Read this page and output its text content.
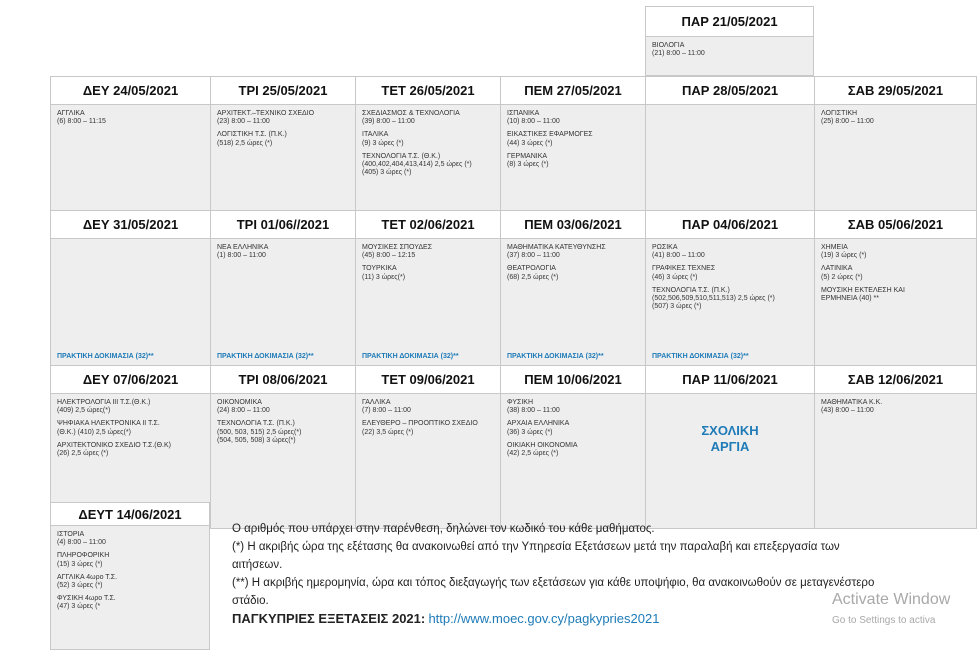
ΠΑΡ 21/05/2021
ΒΙΟΛΟΓΙΑ
(21) 8:00 – 11:00
ΔΕΥ 24/05/2021
ΑΓΓΛΙΚΑ
(6) 8:00 – 11:15
ΤΡΙ 25/05/2021
ΑΡΧΙΤΕΚΤ.–ΤΕΧΝΙΚΟ ΣΧΕΔΙΟ
(23) 8:00 – 11:00
ΛΟΓΙΣΤΙΚΗ Τ.Σ. (Π.Κ.)
(518) 2,5 ώρες (*)
ΤΕΤ 26/05/2021
ΣΧΕΔΙΑΣΜΟΣ & ΤΕΧΝΟΛΟΓΙΑ
(39) 8:00 – 11:00
ΙΤΑΛΙΚΑ
(9) 3 ώρες (*)
ΤΕΧΝΟΛΟΓΙΑ Τ.Σ. (Θ.Κ.)
(400,402,404,413,414) 2,5 ώρες (*)
(405) 3 ώρες (*)
ΠΕΜ 27/05/2021
ΙΣΠΑΝΙΚΑ
(10) 8:00 – 11:00
ΕΙΚΑΣΤΙΚΕΣ ΕΦΑΡΜΟΓΕΣ
(44) 3 ώρες (*)
ΓΕΡΜΑΝΙΚΑ
(8) 3 ώρες (*)
ΠΑΡ 28/05/2021	ΣΑΒ 29/05/2021
ΛΟΓΙΣΤΙΚΗ
(25) 8:00 – 11:00
ΔΕΥ 31/05/2021
ΠΡΑΚΤΙΚΗ ΔΟΚΙΜΑΣΙΑ (32)**
ΤΡΙ 01/06//2021
ΝΕΑ ΕΛΛΗΝΙΚΑ
(1) 8:00 – 11:00
ΠΡΑΚΤΙΚΗ ΔΟΚΙΜΑΣΙΑ (32)**
ΤΕΤ 02/06/2021
ΜΟΥΣΙΚΕΣ ΣΠΟΥΔΕΣ
(45) 8:00 – 12:15
ΤΟΥΡΚΙΚΑ
(11) 3 ώρες(*)
ΠΡΑΚΤΙΚΗ ΔΟΚΙΜΑΣΙΑ (32)**
ΠΕΜ 03/06/2021
ΜΑΘΗΜΑΤΙΚΑ ΚΑΤΕΥΘΥΝΣΗΣ
(37) 8:00 – 11:00
ΘΕΑΤΡΟΛΟΓΙΑ
(68) 2,5 ώρες (*)
ΠΡΑΚΤΙΚΗ ΔΟΚΙΜΑΣΙΑ (32)**
ΠΑΡ 04/06/2021
ΡΩΣΙΚΑ
(41) 8:00 – 11:00
ΓΡΑΦΙΚΕΣ ΤΕΧΝΕΣ
(46) 3 ώρες (*)
ΤΕΧΝΟΛΟΓΙΑ Τ.Σ. (Π.Κ.)
(502,506,509,510,511,513) 2,5 ώρες (*)
(507) 3 ώρες (*)
ΠΡΑΚΤΙΚΗ ΔΟΚΙΜΑΣΙΑ (32)**
ΣΑΒ 05/06/2021
ΧΗΜΕΙΑ
(19) 3 ώρες (*)
ΛΑΤΙΝΙΚΑ
(5) 2 ώρες (*)
ΜΟΥΣΙΚΗ ΕΚΤΕΛΕΣΗ ΚΑΙ
ΕΡΜΗΝΕΙΑ (40) **
ΔΕΥ 07/06/2021
ΗΛΕΚΤΡΟΛΟΓΙΑ ΙΙΙ Τ.Σ.(Θ.Κ.)
(409) 2,5 ώρες(*)
ΨΗΦΙΑΚΑ ΗΛΕΚΤΡΟΝΙΚΑ ΙΙ Τ.Σ.
(Θ.Κ.) (410) 2,5 ώρες(*)
ΑΡΧΙΤΕΚΤΟΝΙΚΟ ΣΧΕΔΙΟ Τ.Σ.(Θ.Κ)
(26) 2,5 ώρες (*)
ΤΡΙ 08/06/2021
ΟΙΚΟΝΟΜΙΚΑ
(24) 8:00 – 11:00
ΤΕΧΝΟΛΟΓΙΑ Τ.Σ. (Π.Κ.)
(500, 503, 515) 2,5 ώρες(*)
(504, 505, 508) 3 ώρες(*)
ΤΕΤ 09/06/2021
ΓΑΛΛΙΚΑ
(7) 8:00 – 11:00
ΕΛΕΥΘΕΡΟ – ΠΡΟΟΠΤΙΚΟ ΣΧΕΔΙΟ
(22) 3,5 ώρες (*)
ΠΕΜ 10/06/2021
ΦΥΣΙΚΗ
(38) 8:00 – 11:00
ΑΡΧΑΙΑ ΕΛΛΗΝΙΚΑ
(36) 3 ώρες (*)
ΟΙΚΙΑΚΗ ΟΙΚΟΝΟΜΙΑ
(42) 2,5 ώρες (*)
ΠΑΡ 11/06/2021
ΣΧΟΛΙΚΗ
ΑΡΓΙΑ
ΣΑΒ 12/06/2021
ΜΑΘΗΜΑΤΙΚΑ Κ.Κ.
(43) 8:00 – 11:00
ΔΕΥΤ 14/06/2021
ΙΣΤΟΡΙΑ
(4) 8:00 – 11:00
ΠΛΗΡΟΦΟΡΙΚΗ
(15) 3 ώρες (*)
ΑΓΓΛΙΚΑ 4ωρο Τ.Σ.
(52) 3 ώρες (*)
ΦΥΣΙΚΗ 4ωρο Τ.Σ.
(47) 3 ώρες (*
Ο αριθμός που υπάρχει στην παρένθεση, δηλώνει τον κωδικό του κάθε μαθήματος.
(*) Η ακριβής ώρα της εξέτασης θα ανακοινωθεί από την Υπηρεσία Εξετάσεων μετά την παραλαβή και επεξεργασία των
αιτήσεων.
(**) Η ακριβής ημερομηνία, ώρα και τόπος διεξαγωγής των εξετάσεων για κάθε υποψήφιο, θα ανακοινωθούν σε μεταγενέστερο
στάδιο.
ΠΑΓΚΥΠΡΙΕΣ ΕΞΕΤΑΣΕΙΣ 2021: http://www.moec.gov.cy/pagkypries2021
Activate Window
Go to Settings to activa
